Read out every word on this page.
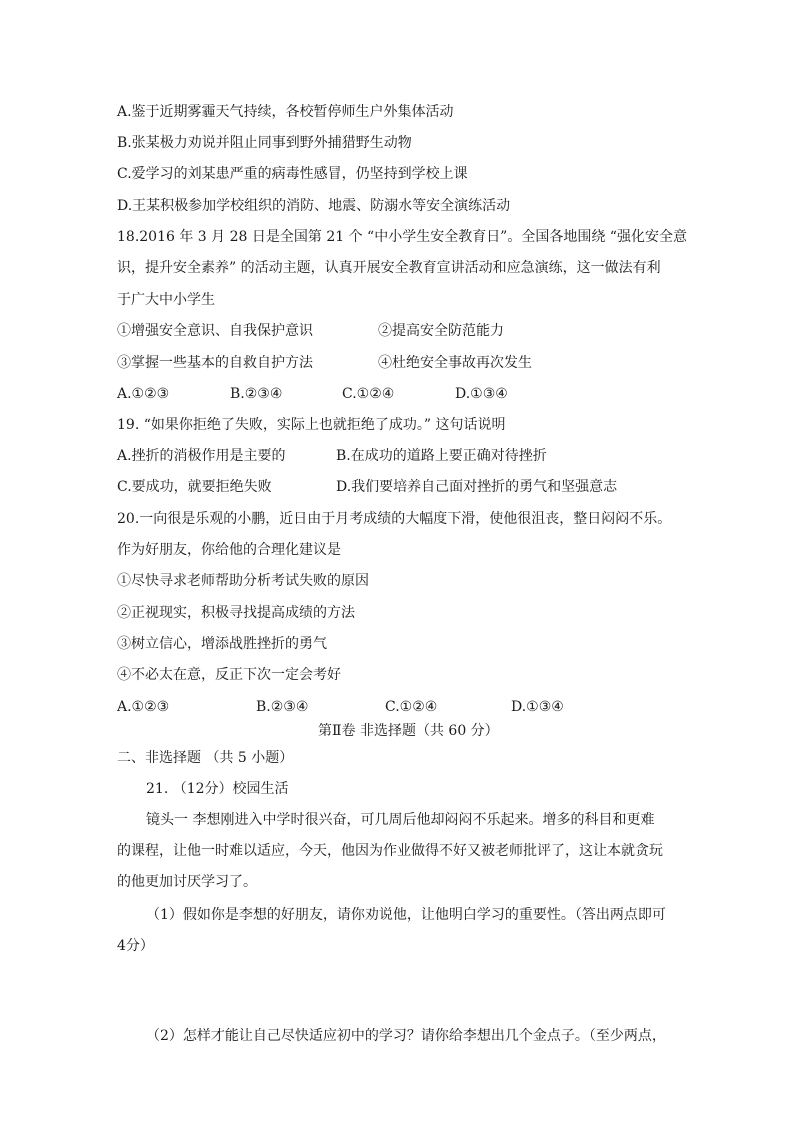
A.鉴于近期雾霾天气持续，各校暂停师生户外集体活动
B.张某极力劝说并阻止同事到野外捕猎野生动物
C.爱学习的刘某患严重的病毒性感冒，仍坚持到学校上课
D.王某积极参加学校组织的消防、地震、防溺水等安全演练活动
18.2016 年 3 月 28 日是全国第 21 个 “中小学生安全教育日”。全国各地围绕 “强化安全意
识，提升安全素养” 的活动主题，认真开展安全教育宣讲活动和应急演练，这一做法有利
于广大中小学生
①增强安全意识、自我保护意识	②提高安全防范能力
③掌握一些基本的自救自护方法	④杜绝安全事故再次发生
A.①②③	B.②③④	C.①②④	D.①③④
19. “如果你拒绝了失败，实际上也就拒绝了成功。” 这句话说明
A.挫折的消极作用是主要的	B.在成功的道路上要正确对待挫折
C.要成功，就要拒绝失败	D.我们要培养自己面对挫折的勇气和坚强意志
20.一向很是乐观的小鹏，近日由于月考成绩的大幅度下滑，使他很沮丧，整日闷闷不乐。
作为好朋友，你给他的合理化建议是
①尽快寻求老师帮助分析考试失败的原因
②正视现实，积极寻找提高成绩的方法
③树立信心，增添战胜挫折的勇气
④不必太在意，反正下次一定会考好
A.①②③	B.②③④	C.①②④	D.①③④
第Ⅱ卷 非选择题（共 60 分）
二、非选择题 （共 5 小题）
21. （12分）校园生活
镜头一 李想刚进入中学时很兴奋，可几周后他却闷闷不乐起来。增多的科目和更难
的课程，让他一时难以适应，今天，他因为作业做得不好又被老师批评了，这让本就贪玩
的他更加讨厌学习了。
（1）假如你是李想的好朋友，请你劝说他，让他明白学习的重要性。（答出两点即可
4分）
（2）怎样才能让自己尽快适应初中的学习？请你给李想出几个金点子。（至少两点，
